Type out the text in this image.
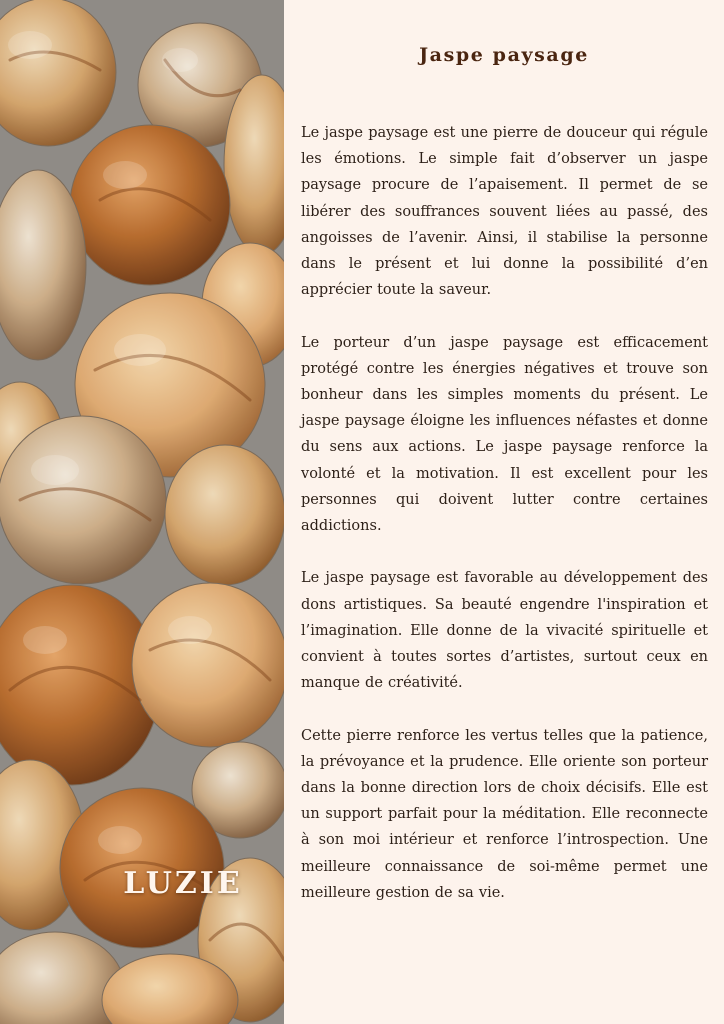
LUZIE
Jaspe paysage

Le jaspe paysage est une pierre de douceur qui régule les émotions. Le simple fait d’observer un jaspe paysage procure de l’apaisement. Il permet de se libérer des souffrances souvent liées au passé, des angoisses de l’avenir. Ainsi, il stabilise la personne dans le présent et lui donne la possibilité d’en apprécier toute la saveur.

Le porteur d’un jaspe paysage est efficacement protégé contre les énergies négatives et trouve son bonheur dans les simples moments du présent. Le jaspe paysage éloigne les influences néfastes et donne du sens aux actions. Le jaspe paysage renforce la volonté et la motivation. Il est excellent pour les personnes qui doivent lutter contre certaines addictions.

Le jaspe paysage est favorable au développement des dons artistiques. Sa beauté engendre l'inspiration et l’imagination. Elle donne de la vivacité spirituelle et convient à toutes sortes d’artistes, surtout ceux en manque de créativité.

Cette pierre renforce les vertus telles que la patience, la prévoyance et la prudence. Elle oriente son porteur dans la bonne direction lors de choix décisifs. Elle est un support parfait pour la méditation. Elle reconnecte à son moi intérieur et renforce l’introspection. Une meilleure connaissance de soi-même permet une meilleure gestion de sa vie.
